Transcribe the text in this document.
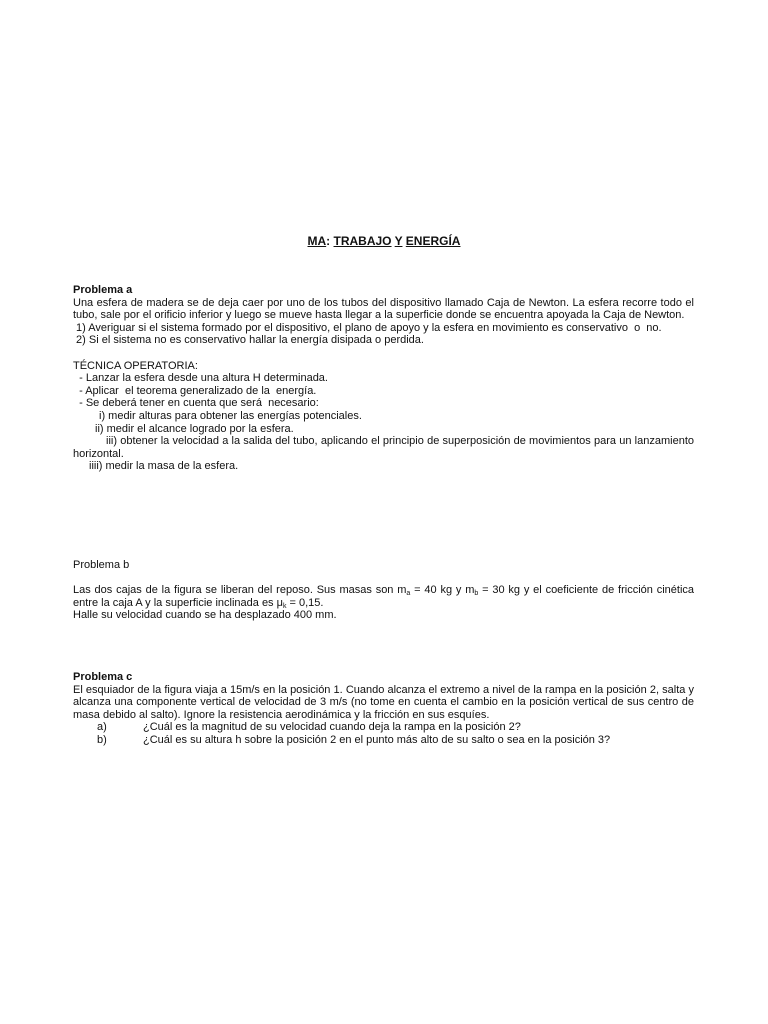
MA: TRABAJO Y ENERGÍA
Problema a
Una esfera de madera se de deja caer por uno de los tubos del dispositivo llamado Caja de Newton. La esfera recorre todo el tubo, sale por el orificio inferior y luego se mueve hasta llegar a la superficie donde se encuentra apoyada la Caja de Newton.
1) Averiguar si el sistema formado por el dispositivo, el plano de apoyo y la esfera en movimiento es conservativo  o  no.
2) Si el sistema no es conservativo hallar la energía disipada o perdida.
TÉCNICA OPERATORIA:
- Lanzar la esfera desde una altura H determinada.
- Aplicar  el teorema generalizado de la  energía.
- Se deberá tener en cuenta que será  necesario:
i) medir alturas para obtener las energías potenciales.
ii) medir el alcance logrado por la esfera.
iii) obtener la velocidad a la salida del tubo, aplicando el principio de superposición de movimientos para un lanzamiento horizontal.
iiii) medir la masa de la esfera.
Problema b
Las dos cajas de la figura se liberan del reposo. Sus masas son $m_a = 40$ kg y $m_b = 30$ kg y el coeficiente de fricción cinética entre la caja A y la superficie inclinada es $\mu_k = 0,15$.
Halle su velocidad cuando se ha desplazado 400 mm.
Problema c
El esquiador de la figura viaja a 15m/s en la posición 1. Cuando alcanza el extremo a nivel de la rampa en la posición 2, salta y alcanza una componente vertical de velocidad de 3 m/s (no tome en cuenta el cambio en la posición vertical de sus centro de masa debido al salto). Ignore la resistencia aerodinámica y la fricción en sus esquíes.
a)	¿Cuál es la magnitud de su velocidad cuando deja la rampa en la posición 2?
b)	¿Cuál es su altura h sobre la posición 2 en el punto más alto de su salto o sea en la posición 3?
